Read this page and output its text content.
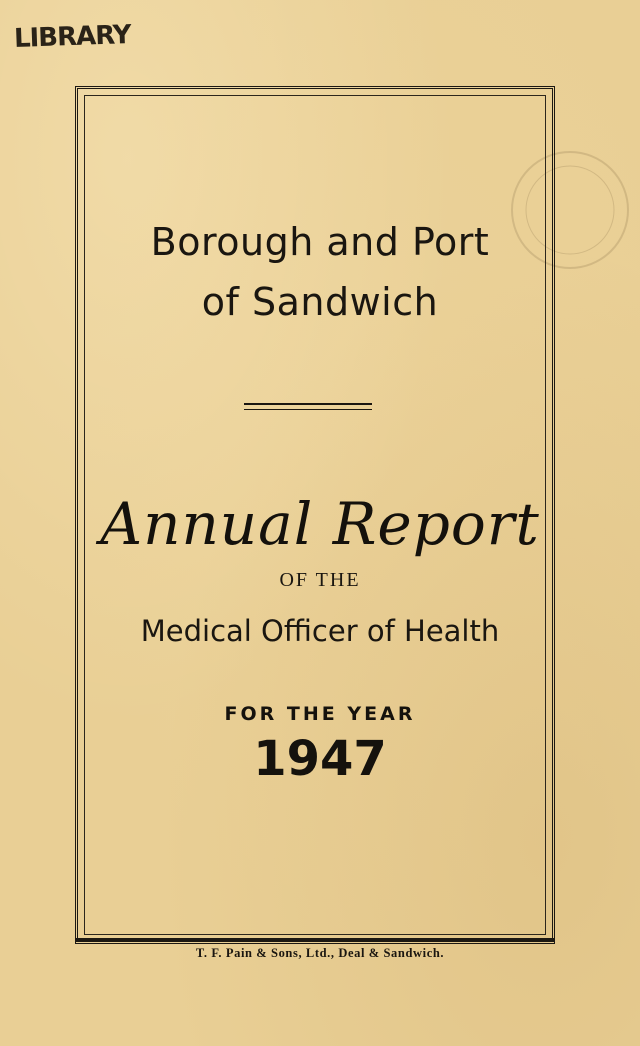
LIBRARY
Borough and Port
of Sandwich
Annual Report
OF THE
Medical Officer of Health
FOR THE YEAR
1947
T. F. Pain & Sons, Ltd., Deal & Sandwich.
